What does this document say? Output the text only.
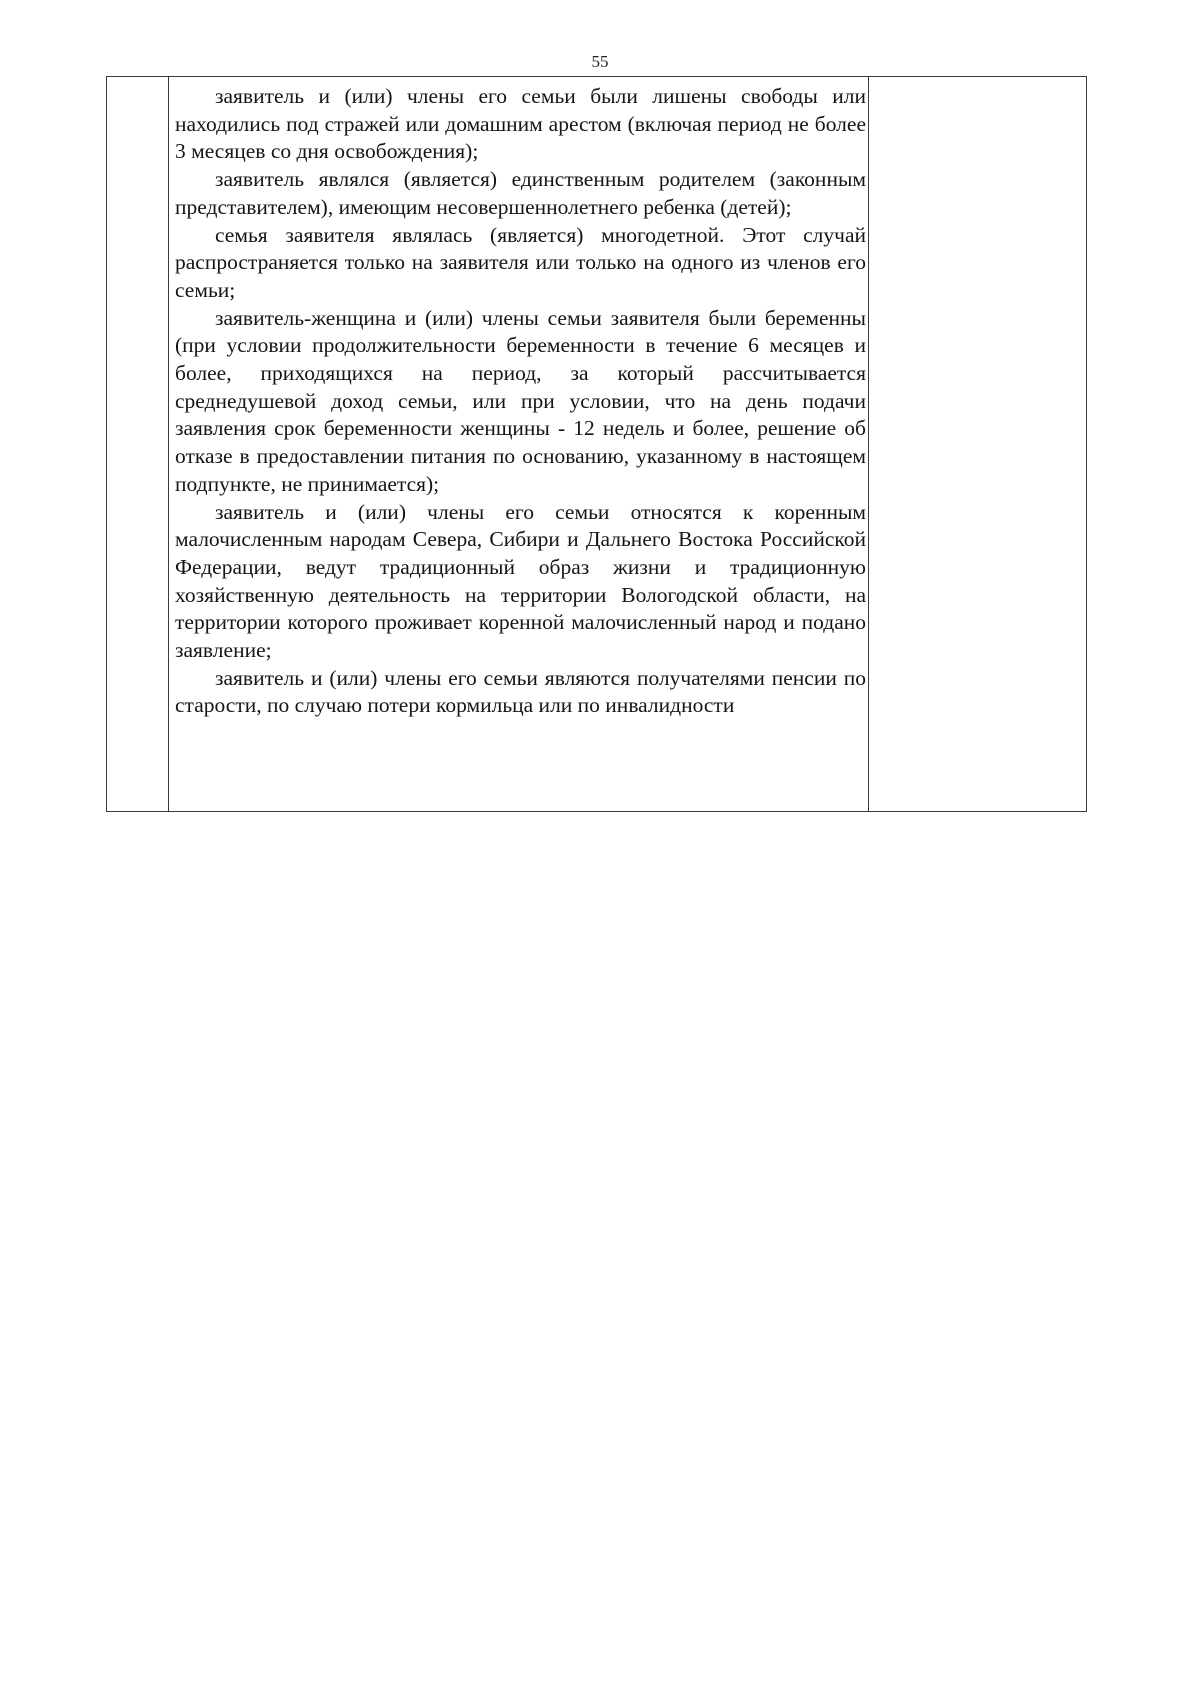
55

заявитель и (или) члены его семьи были лишены свободы или находились под стражей или домашним арестом (включая период не более 3 месяцев со дня освобождения);

заявитель являлся (является) единственным родителем (законным представителем), имеющим несовершеннолетнего ребенка (детей);

семья заявителя являлась (является) многодетной. Этот случай распространяется только на заявителя или только на одного из членов его семьи;

заявитель-женщина и (или) члены семьи заявителя были беременны (при условии продолжительности беременности в течение 6 месяцев и более, приходящихся на период, за который рассчитывается среднедушевой доход семьи, или при условии, что на день подачи заявления срок беременности женщины - 12 недель и более, решение об отказе в предоставлении питания по основанию, указанному в настоящем подпункте, не принимается);

заявитель и (или) члены его семьи относятся к коренным малочисленным народам Севера, Сибири и Дальнего Востока Российской Федерации, ведут традиционный образ жизни и традиционную хозяйственную деятельность на территории Вологодской области, на территории которого проживает коренной малочисленный народ и подано заявление;

заявитель и (или) члены его семьи являются получателями пенсии по старости, по случаю потери кормильца или по инвалидности
